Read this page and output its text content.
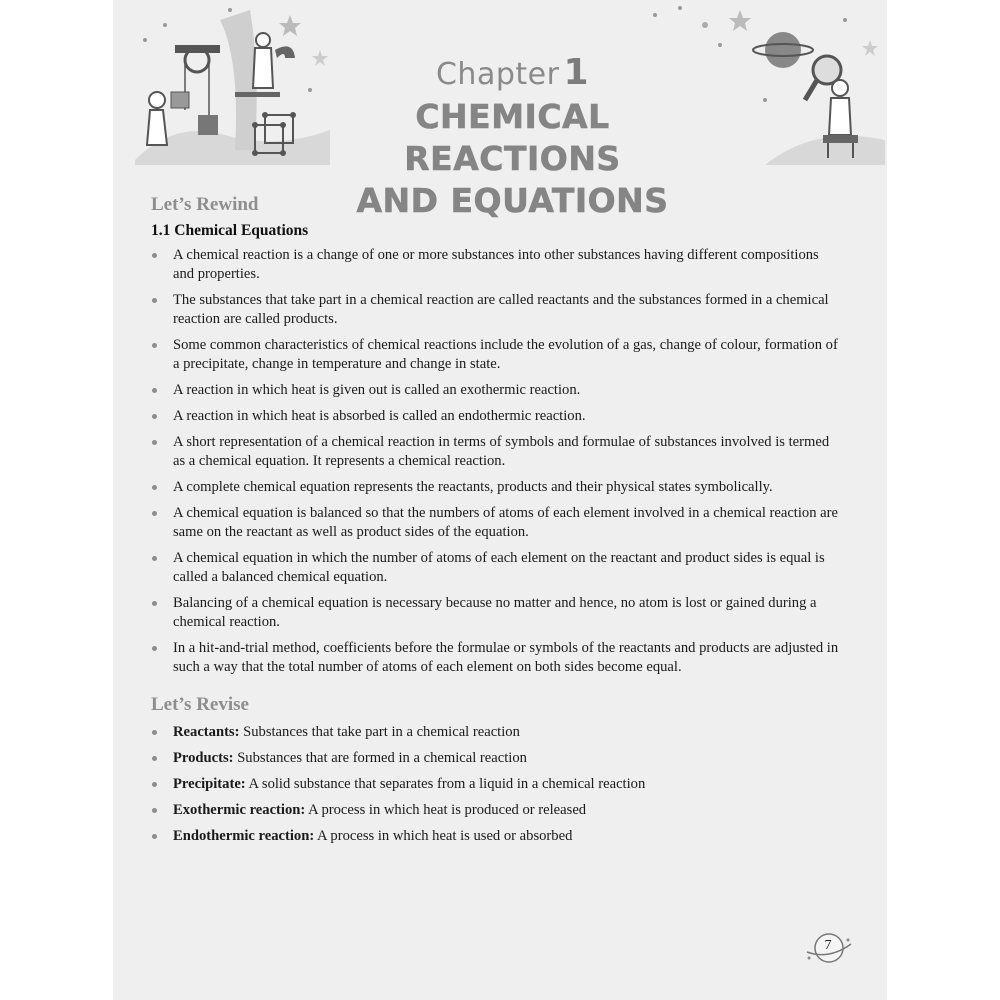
Chapter 1
CHEMICAL REACTIONS
AND EQUATIONS
Let’s Rewind
1.1 Chemical Equations
A chemical reaction is a change of one or more substances into other substances having different compositions and properties.
The substances that take part in a chemical reaction are called reactants and the substances formed in a chemical reaction are called products.
Some common characteristics of chemical reactions include the evolution of a gas, change of colour, formation of a precipitate, change in temperature and change in state.
A reaction in which heat is given out is called an exothermic reaction.
A reaction in which heat is absorbed is called an endothermic reaction.
A short representation of a chemical reaction in terms of symbols and formulae of substances involved is termed as a chemical equation. It represents a chemical reaction.
A complete chemical equation represents the reactants, products and their physical states symbolically.
A chemical equation is balanced so that the numbers of atoms of each element involved in a chemical reaction are same on the reactant as well as product sides of the equation.
A chemical equation in which the number of atoms of each element on the reactant and product sides is equal is called a balanced chemical equation.
Balancing of a chemical equation is necessary because no matter and hence, no atom is lost or gained during a chemical reaction.
In a hit-and-trial method, coefficients before the formulae or symbols of the reactants and products are adjusted in such a way that the total number of atoms of each element on both sides become equal.
Let’s Revise
Reactants: Substances that take part in a chemical reaction
Products: Substances that are formed in a chemical reaction
Precipitate: A solid substance that separates from a liquid in a chemical reaction
Exothermic reaction: A process in which heat is produced or released
Endothermic reaction: A process in which heat is used or absorbed
7
